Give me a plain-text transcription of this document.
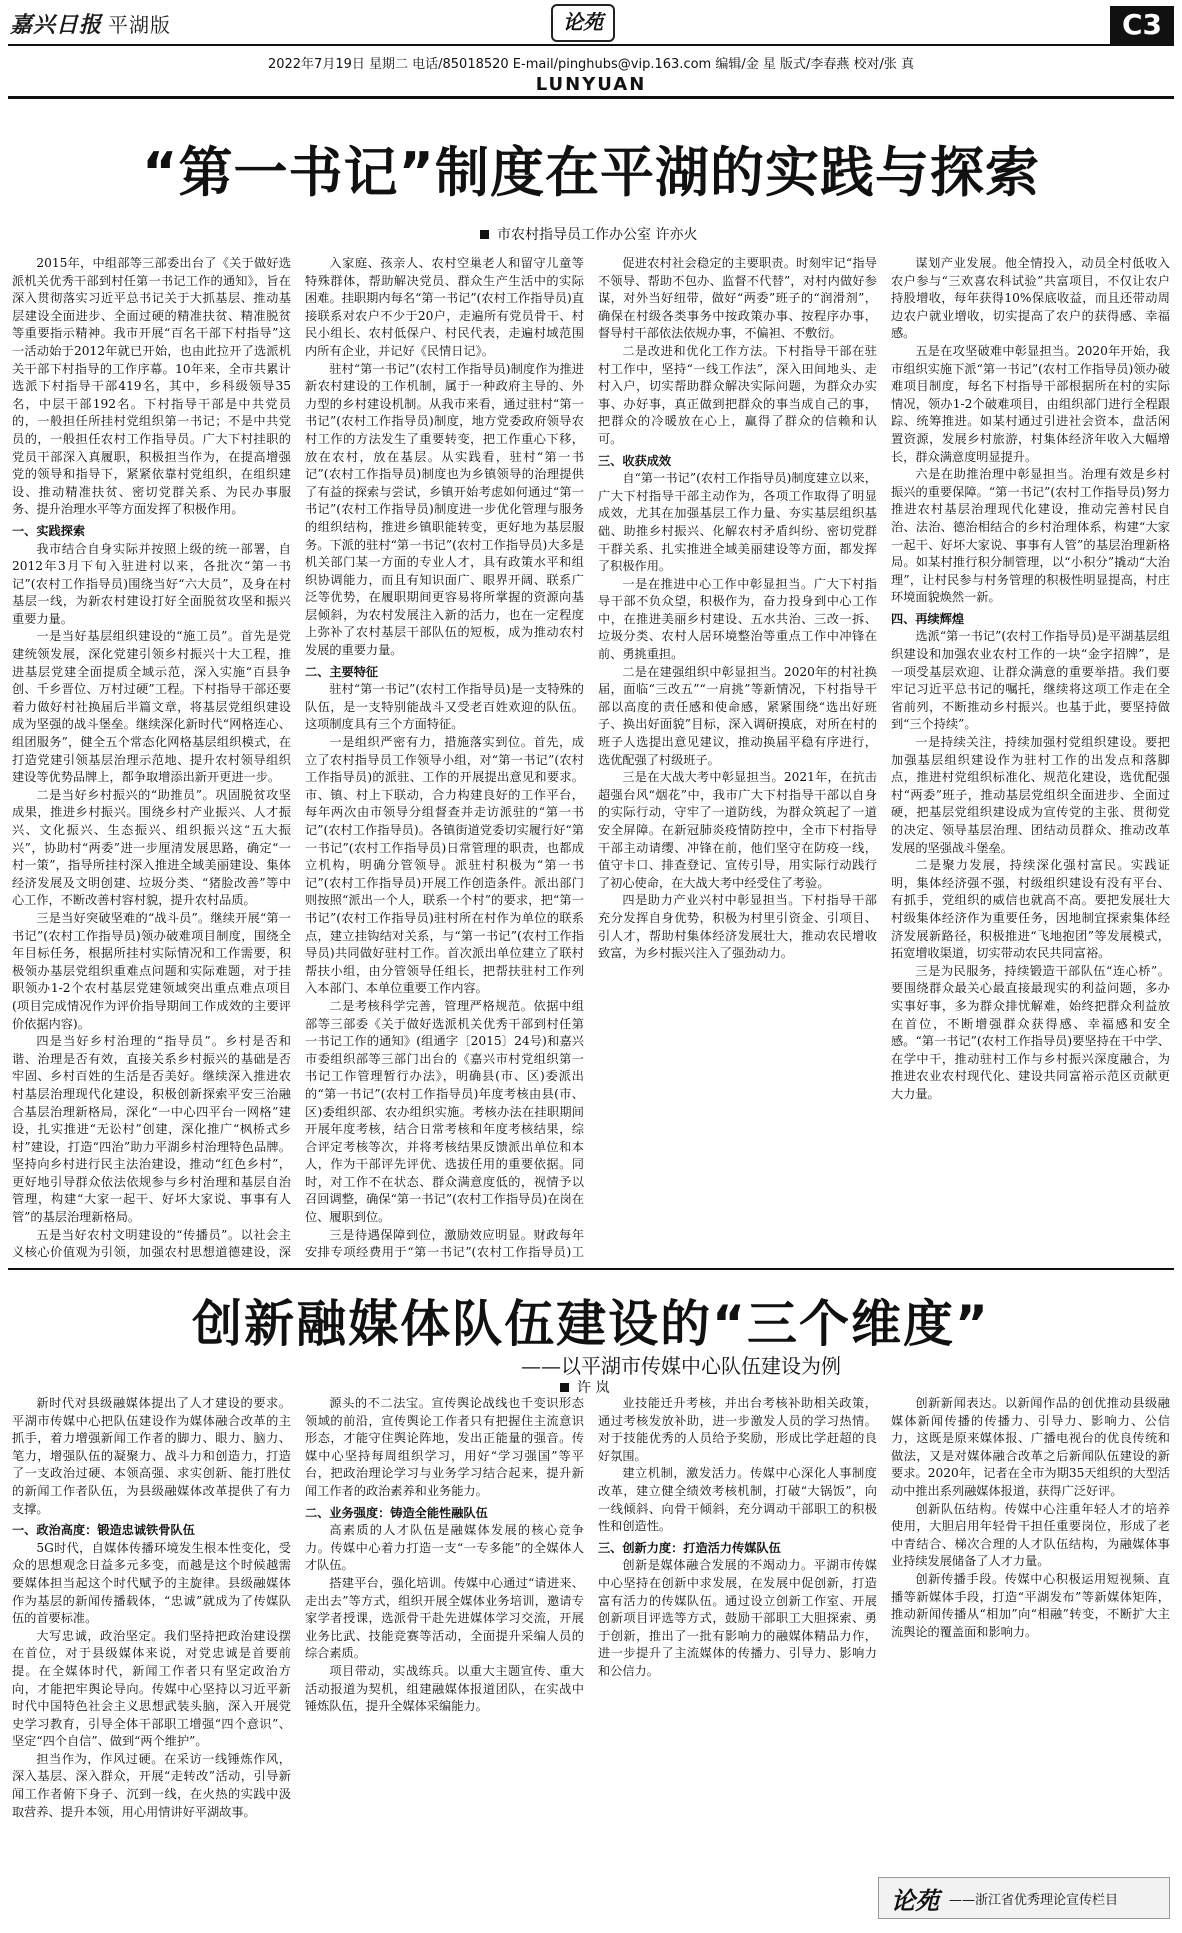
嘉兴日报 平湖版	论苑	C3
2022年7月19日 星期二 电话/85018520 E-mail/pinghubs@vip.163.com 编辑/金 星 版式/李春燕 校对/张 真
LUNYUAN
“第一书记”制度在平湖的实践与探索
市农村指导员工作办公室 许亦火

2015年，中组部等三部委出台了《关于做好选派机关优秀干部到村任第一书记工作的通知》，旨在深入贯彻落实习近平总书记关于大抓基层、推动基层建设全面进步、全面过硬的精准扶贫、精准脱贫等重要指示精神。我市开展“百名干部下村指导”这一活动始于2012年就已开始，也由此拉开了选派机关干部下村指导的工作序幕。10年来，全市共累计选派下村指导干部419名，其中，乡科级领导35名，中层干部192名。下村指导干部是中共党员的，一般担任所挂村党组织第一书记；不是中共党员的，一般担任农村工作指导员。广大下村挂职的党员干部深入真履职，积极担当作为，在提高增强党的领导和指导下，紧紧依靠村党组织，在组织建设、推动精准扶贫、密切党群关系、为民办事服务、提升治理水平等方面发挥了积极作用。

一、实践探索

我市结合自身实际并按照上级的统一部署，自2012年3月下旬入驻进村以来，各批次“第一书记”(农村工作指导员)围绕当好“六大员”，及身在村基层一线，为新农村建设打好全面脱贫攻坚和振兴重要力量。

一是当好基层组织建设的“施工员”。首先是党建统领发展，深化党建引领乡村振兴十大工程，推进基层党建全面提质全域示范，深入实施“百县争创、千乡晋位、万村过硬”工程。下村指导干部还要着力做好村社换届后半篇文章，将基层党组织建设成为坚强的战斗堡垒。继续深化新时代“网格连心、组团服务”，健全五个常态化网格基层组织模式，在打造党建引领基层治理示范地、提升农村领导组织建设等优势品牌上，都争取增添出新开更进一步。

二是当好乡村振兴的“助推员”。巩固脱贫攻坚成果，推进乡村振兴。围绕乡村产业振兴、人才振兴、文化振兴、生态振兴、组织振兴这“五大振兴”，协助村“两委”进一步厘清发展思路，确定“一村一策”，指导所挂村深入推进全域美丽建设、集体经济发展及文明创建、垃圾分类、“猪脸改善”等中心工作，不断改善村容村貌，提升农村品质。

三是当好突破坚难的“战斗员”。继续开展“第一书记”(农村工作指导员)领办破难项目制度，围绕全年目标任务，根据所挂村实际情况和工作需要，积极领办基层党组织重难点问题和实际难题，对于挂职领办1-2个农村基层党建领域突出重点难点项目(项目完成情况作为评价指导期间工作成效的主要评价依据内容)。

四是当好乡村治理的“指导员”。乡村是否和谐、治理是否有效，直接关系乡村振兴的基础是否牢固、乡村百姓的生活是否美好。继续深入推进农村基层治理现代化建设，积极创新探索平安三治融合基层治理新格局，深化“一中心四平台一网格”建设，扎实推进“无讼村”创建，深化推广“枫桥式乡村”建设，打造“四治”助力平湖乡村治理特色品牌。坚持向乡村进行民主法治建设，推动“红色乡村”，更好地引导群众依法依规参与乡村治理和基层自治管理，构建“大家一起干、好坏大家说、事事有人管”的基层治理新格局。

五是当好农村文明建设的“传播员”。以社会主义核心价值观为引领，加强农村思想道德建设，深

入家庭、孩亲人、农村空巢老人和留守儿童等特殊群体，帮助解决党员、群众生产生活中的实际困难。挂职期内每名“第一书记”(农村工作指导员)直接联系对农户不少于20户，走遍所有党员骨干、村民小组长、农村低保户、村民代表，走遍村域范围内所有企业，并记好《民情日记》。

驻村“第一书记”(农村工作指导员)制度作为推进新农村建设的工作机制，属于一种政府主导的、外力型的乡村建设机制。从我市来看，通过驻村“第一书记”(农村工作指导员)制度，地方党委政府领导农村工作的方法发生了重要转变，把工作重心下移，放在农村，放在基层。从实践看，驻村“第一书记”(农村工作指导员)制度也为乡镇领导的治理提供了有益的探索与尝试，乡镇开始考虑如何通过“第一书记”(农村工作指导员)制度进一步优化管理与服务的组织结构，推进乡镇职能转变，更好地为基层服务。下派的驻村“第一书记”(农村工作指导员)大多是机关部门某一方面的专业人才，具有政策水平和组织协调能力，而且有知识面广、眼界开阔、联系广泛等优势，在履职期间更容易将所掌握的资源向基层倾斜，为农村发展注入新的活力，也在一定程度上弥补了农村基层干部队伍的短板，成为推动农村发展的重要力量。

二、主要特征

驻村“第一书记”(农村工作指导员)是一支特殊的队伍，是一支特别能战斗又受老百姓欢迎的队伍。这项制度具有三个方面特征。

一是组织严密有力，措施落实到位。首先，成立了农村指导员工作领导小组，对“第一书记”(农村工作指导员)的派驻、工作的开展提出意见和要求。市、镇、村上下联动，合力构建良好的工作平台，每年两次由市领导分组督查并走访派驻的“第一书记”(农村工作指导员)。各镇街道党委切实履行好“第一书记”(农村工作指导员)日常管理的职责，也都成立机构，明确分管领导。派驻村积极为“第一书记”(农村工作指导员)开展工作创造条件。派出部门则按照“派出一个人，联系一个村”的要求，把“第一书记”(农村工作指导员)驻村所在村作为单位的联系点，建立挂钩结对关系，与“第一书记”(农村工作指导员)共同做好驻村工作。首次派出单位建立了联村帮扶小组，由分管领导任组长，把帮扶驻村工作列入本部门、本单位重要工作内容。

二是考核科学完善，管理严格规范。依据中组部等三部委《关于做好选派机关优秀干部到村任第一书记工作的通知》(组通字〔2015〕24号)和嘉兴市委组织部等三部门出台的《嘉兴市村党组织第一书记工作管理暂行办法》，明确县(市、区)委派出的“第一书记”(农村工作指导员)年度考核由县(市、区)委组织部、农办组织实施。考核办法在挂职期间开展年度考核，结合日常考核和年度考核结果，综合评定考核等次，并将考核结果反馈派出单位和本人，作为干部评先评优、选拔任用的重要依据。同时，对工作不在状态、群众满意度低的，视情予以召回调整，确保“第一书记”(农村工作指导员)在岗在位、履职到位。

三是待遇保障到位，激励效应明显。财政每年安排专项经费用于“第一书记”(农村工作指导员)工

促进农村社会稳定的主要职责。时刻牢记“指导不领导、帮助不包办、监督不代替”，对村内做好参谋，对外当好纽带，做好“两委”班子的“润滑剂”，确保在村级各类事务中按政策办事、按程序办事，督导村干部依法依规办事，不偏袒、不敷衍。

二是改进和优化工作方法。下村指导干部在驻村工作中，坚持“一线工作法”，深入田间地头、走村入户，切实帮助群众解决实际问题，为群众办实事、办好事，真正做到把群众的事当成自己的事，把群众的冷暖放在心上，赢得了群众的信赖和认可。

三、收获成效

自“第一书记”(农村工作指导员)制度建立以来，广大下村指导干部主动作为，各项工作取得了明显成效，尤其在加强基层工作力量、夯实基层组织基础、助推乡村振兴、化解农村矛盾纠纷、密切党群干群关系、扎实推进全域美丽建设等方面，都发挥了积极作用。

一是在推进中心工作中彰显担当。广大下村指导干部不负众望，积极作为，奋力投身到中心工作中，在推进美丽乡村建设、五水共治、三改一拆、垃圾分类、农村人居环境整治等重点工作中冲锋在前、勇挑重担。

二是在建强组织中彰显担当。2020年的村社换届，面临“三改五”“一肩挑”等新情况，下村指导干部以高度的责任感和使命感，紧紧围绕“选出好班子、换出好面貌”目标，深入调研摸底，对所在村的班子人选提出意见建议，推动换届平稳有序进行，选优配强了村级班子。

三是在大战大考中彰显担当。2021年，在抗击超强台风“烟花”中，我市广大下村指导干部以自身的实际行动，守牢了一道防线，为群众筑起了一道安全屏障。在新冠肺炎疫情防控中，全市下村指导干部主动请缨、冲锋在前，他们坚守在防疫一线，值守卡口、排查登记、宣传引导，用实际行动践行了初心使命，在大战大考中经受住了考验。

四是助力产业兴村中彰显担当。下村指导干部充分发挥自身优势，积极为村里引资金、引项目、引人才，帮助村集体经济发展壮大，推动农民增收致富，为乡村振兴注入了强劲动力。

谋划产业发展。他全情投入，动员全村低收入农户参与“三欢喜农科试验”共富项目，不仅让农户持股增收，每年获得10%保底收益，而且还带动周边农户就业增收，切实提高了农户的获得感、幸福感。

五是在攻坚破难中彰显担当。2020年开始，我市组织实施下派“第一书记”(农村工作指导员)领办破难项目制度，每名下村指导干部根据所在村的实际情况，领办1-2个破难项目，由组织部门进行全程跟踪、统筹推进。如某村通过引进社会资本，盘活闲置资源，发展乡村旅游，村集体经济年收入大幅增长，群众满意度明显提升。

六是在助推治理中彰显担当。治理有效是乡村振兴的重要保障。“第一书记”(农村工作指导员)努力推进农村基层治理现代化建设，推动完善村民自治、法治、德治相结合的乡村治理体系，构建“大家一起干、好坏大家说、事事有人管”的基层治理新格局。如某村推行积分制管理，以“小积分”撬动“大治理”，让村民参与村务管理的积极性明显提高，村庄环境面貌焕然一新。

四、再续辉煌

选派“第一书记”(农村工作指导员)是平湖基层组织建设和加强农业农村工作的一块“金字招牌”，是一项受基层欢迎、让群众满意的重要举措。我们要牢记习近平总书记的嘱托，继续将这项工作走在全省前列，不断推动乡村振兴。也基于此，要坚持做到“三个持续”。

一是持续关注，持续加强村党组织建设。要把加强基层组织建设作为驻村工作的出发点和落脚点，推进村党组织标准化、规范化建设，选优配强村“两委”班子，推动基层党组织全面进步、全面过硬，把基层党组织建设成为宣传党的主张、贯彻党的决定、领导基层治理、团结动员群众、推动改革发展的坚强战斗堡垒。

二是聚力发展，持续深化强村富民。实践证明，集体经济强不强，村级组织建设有没有平台、有抓手，党组织的威信也就高不高。要把发展壮大村级集体经济作为重要任务，因地制宜探索集体经济发展新路径，积极推进“飞地抱团”等发展模式，拓宽增收渠道，切实带动农民共同富裕。

三是为民服务，持续锻造干部队伍“连心桥”。要围绕群众最关心最直接最现实的利益问题，多办实事好事，多为群众排忧解难，始终把群众利益放在首位，不断增强群众获得感、幸福感和安全感。“第一书记”(农村工作指导员)要坚持在干中学、在学中干，推动驻村工作与乡村振兴深度融合，为推进农业农村现代化、建设共同富裕示范区贡献更大力量。

创新融媒体队伍建设的“三个维度”
——以平湖市传媒中心队伍建设为例
许 岚

新时代对县级融媒体提出了人才建设的要求。平湖市传媒中心把队伍建设作为媒体融合改革的主抓手，着力增强新闻工作者的脚力、眼力、脑力、笔力，增强队伍的凝聚力、战斗力和创造力，打造了一支政治过硬、本领高强、求实创新、能打胜仗的新闻工作者队伍，为县级融媒体改革提供了有力支撑。

一、政治高度：锻造忠诚铁骨队伍

5G时代，自媒体传播环境发生根本性变化，受众的思想观念日益多元多变，而越是这个时候越需要媒体担当起这个时代赋予的主旋律。县级融媒体作为基层的新闻传播载体，“忠诚”就成为了传媒队伍的首要标准。

大写忠诚，政治坚定。我们坚持把政治建设摆在首位，对于县级媒体来说，对党忠诚是首要前提。在全媒体时代，新闻工作者只有坚定政治方向，才能把牢舆论导向。传媒中心坚持以习近平新时代中国特色社会主义思想武装头脑，深入开展党史学习教育，引导全体干部职工增强“四个意识”、坚定“四个自信”、做到“两个维护”。

担当作为，作风过硬。在采访一线锤炼作风，深入基层、深入群众，开展“走转改”活动，引导新闻工作者俯下身子、沉到一线，在火热的实践中汲取营养、提升本领，用心用情讲好平湖故事。

源头的不二法宝。宣传舆论战线也千变识形态领域的前沿，宣传舆论工作者只有把握住主流意识形态，才能守住舆论阵地，发出正能量的强音。传媒中心坚持每周组织学习，用好“学习强国”等平台，把政治理论学习与业务学习结合起来，提升新闻工作者的政治素养和业务能力。

二、业务强度：铸造全能性融队伍

高素质的人才队伍是融媒体发展的核心竞争力。传媒中心着力打造一支“一专多能”的全媒体人才队伍。

搭建平台，强化培训。传媒中心通过“请进来、走出去”等方式，组织开展全媒体业务培训，邀请专家学者授课，选派骨干赴先进媒体学习交流，开展业务比武、技能竞赛等活动，全面提升采编人员的综合素质。

项目带动，实战练兵。以重大主题宣传、重大活动报道为契机，组建融媒体报道团队，在实战中锤炼队伍，提升全媒体采编能力。

业技能迁升考核，并出台考核补助相关政策，通过考核发放补助，进一步激发人员的学习热情。对于技能优秀的人员给予奖励，形成比学赶超的良好氛围。

建立机制，激发活力。传媒中心深化人事制度改革，建立健全绩效考核机制，打破“大锅饭”，向一线倾斜、向骨干倾斜，充分调动干部职工的积极性和创造性。

三、创新力度：打造活力传媒队伍

创新是媒体融合发展的不竭动力。平湖市传媒中心坚持在创新中求发展，在发展中促创新，打造富有活力的传媒队伍。通过设立创新工作室、开展创新项目评选等方式，鼓励干部职工大胆探索、勇于创新，推出了一批有影响力的融媒体精品力作，进一步提升了主流媒体的传播力、引导力、影响力和公信力。

创新新闻表达。以新闻作品的创优推动县级融媒体新闻传播的传播力、引导力、影响力、公信力，这既是原来媒体报、广播电视台的优良传统和做法，又是对媒体融合改革之后新闻队伍建设的新要求。2020年，记者在全市为期35天组织的大型活动中推出系列融媒体报道，获得广泛好评。

创新队伍结构。传媒中心注重年轻人才的培养使用，大胆启用年轻骨干担任重要岗位，形成了老中青结合、梯次合理的人才队伍结构，为融媒体事业持续发展储备了人才力量。

创新传播手段。传媒中心积极运用短视频、直播等新媒体手段，打造“平湖发布”等新媒体矩阵，推动新闻传播从“相加”向“相融”转变，不断扩大主流舆论的覆盖面和影响力。

论苑 ——浙江省优秀理论宣传栏目
